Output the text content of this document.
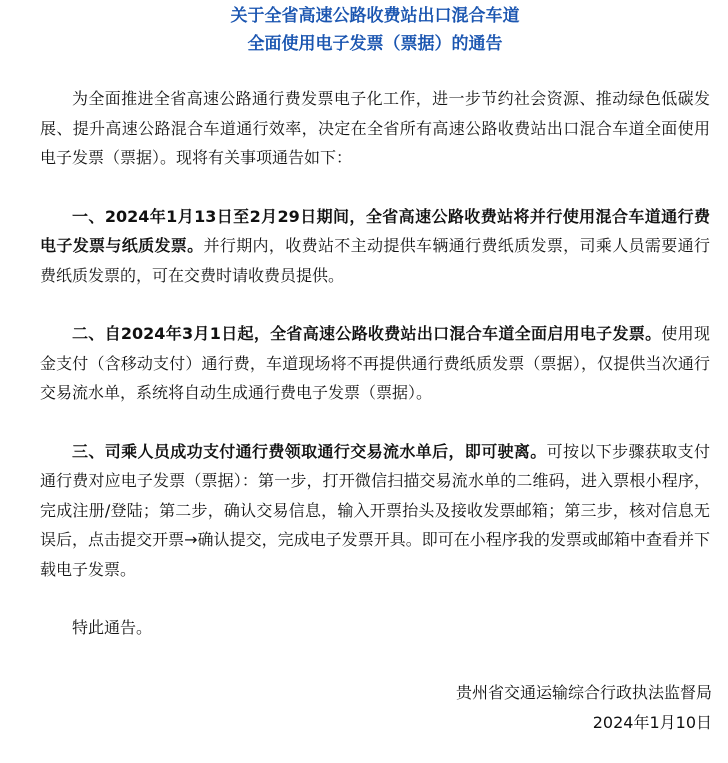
关于全省高速公路收费站出口混合车道
全面使用电子发票（票据）的通告

为全面推进全省高速公路通行费发票电子化工作，进一步节约社会资源、推动绿色低碳发展、提升高速公路混合车道通行效率，决定在全省所有高速公路收费站出口混合车道全面使用电子发票（票据）。现将有关事项通告如下：

一、2024年1月13日至2月29日期间，全省高速公路收费站将并行使用混合车道通行费电子发票与纸质发票。并行期内，收费站不主动提供车辆通行费纸质发票，司乘人员需要通行费纸质发票的，可在交费时请收费员提供。

二、自2024年3月1日起，全省高速公路收费站出口混合车道全面启用电子发票。使用现金支付（含移动支付）通行费，车道现场将不再提供通行费纸质发票（票据），仅提供当次通行交易流水单，系统将自动生成通行费电子发票（票据）。

三、司乘人员成功支付通行费领取通行交易流水单后，即可驶离。可按以下步骤获取支付通行费对应电子发票（票据）：第一步，打开微信扫描交易流水单的二维码，进入票根小程序，完成注册/登陆；第二步，确认交易信息，输入开票抬头及接收发票邮箱；第三步，核对信息无误后，点击提交开票→确认提交，完成电子发票开具。即可在小程序我的发票或邮箱中查看并下载电子发票。

特此通告。

贵州省交通运输综合行政执法监督局
2024年1月10日
